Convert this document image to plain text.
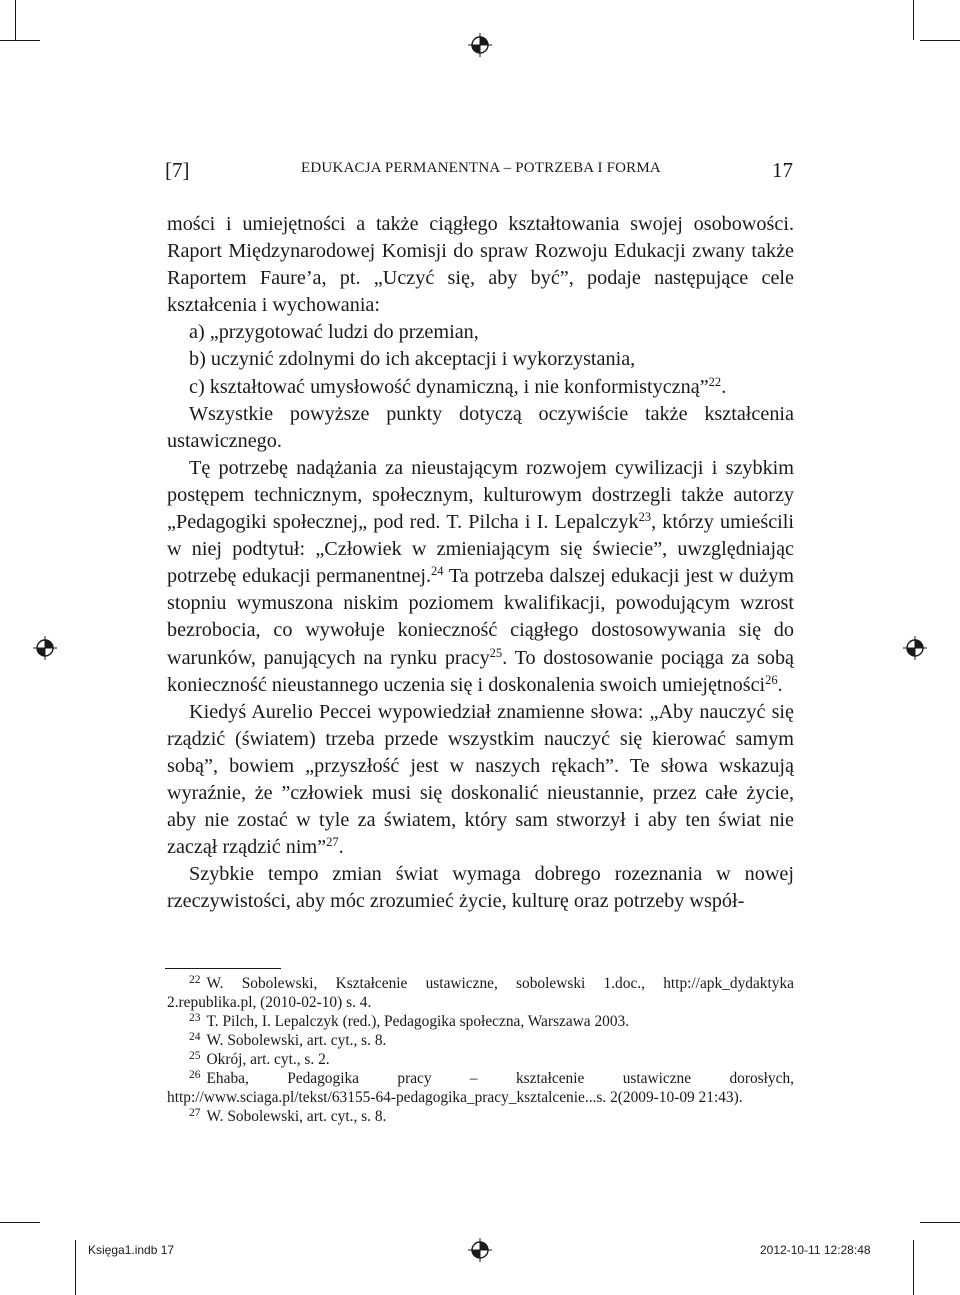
[7]	EDUKACJA PERMANENTNA – POTRZEBA I FORMA	17

mości i umiejętności a także ciągłego kształtowania swojej osobowości. Raport Międzynarodowej Komisji do spraw Rozwoju Edukacji zwany także Raportem Faure’a, pt. „Uczyć się, aby być”, podaje następujące cele kształcenia i wychowania:

a) „przygotować ludzi do przemian,
b) uczynić zdolnymi do ich akceptacji i wykorzystania,
c) kształtować umysłowość dynamiczną, i nie konformistyczną”$^{22}$.

Wszystkie powyższe punkty dotyczą oczywiście także kształcenia ustawicznego.

Tę potrzebę nadążania za nieustającym rozwojem cywilizacji i szybkim postępem technicznym, społecznym, kulturowym dostrzegli także autorzy „Pedagogiki społecznej„ pod red. T. Pilcha i I. Lepalczyk$^{23}$, którzy umieścili w niej podtytuł: „Człowiek w zmieniającym się świecie”, uwzględniając potrzebę edukacji permanentnej.$^{24}$ Ta potrzeba dalszej edukacji jest w dużym stopniu wymuszona niskim poziomem kwalifikacji, powodującym wzrost bezrobocia, co wywołuje konieczność ciągłego dostosowywania się do warunków, panujących na rynku pracy$^{25}$. To dostosowanie pociąga za sobą konieczność nieustannego uczenia się i doskonalenia swoich umiejętności$^{26}$.

Kiedyś Aurelio Peccei wypowiedział znamienne słowa: „Aby nauczyć się rządzić (światem) trzeba przede wszystkim nauczyć się kierować samym sobą”, bowiem „przyszłość jest w naszych rękach”. Te słowa wskazują wyraźnie, że ”człowiek musi się doskonalić nieustannie, przez całe życie, aby nie zostać w tyle za światem, który sam stworzył i aby ten świat nie zaczął rządzić nim”$^{27}$.

Szybkie tempo zmian świat wymaga dobrego rozeznania w nowej rzeczywistości, aby móc zrozumieć życie, kulturę oraz potrzeby współ-

$^{22}$ W. Sobolewski, Kształcenie ustawiczne, sobolewski 1.doc., http://apk_dydaktyka 2.republika.pl, (2010-02-10) s. 4.

$^{23}$ T. Pilch, I. Lepalczyk (red.), Pedagogika społeczna, Warszawa 2003.

$^{24}$ W. Sobolewski, art. cyt., s. 8.

$^{25}$ Okrój, art. cyt., s. 2.

$^{26}$ Ehaba, Pedagogika pracy – kształcenie ustawiczne dorosłych, http://www.sciaga.pl/tekst/63155-64-pedagogika_pracy_ksztalcenie...s. 2(2009-10-09 21:43).

$^{27}$ W. Sobolewski, art. cyt., s. 8.

Księga1.indb 17	2012-10-11 12:28:48
